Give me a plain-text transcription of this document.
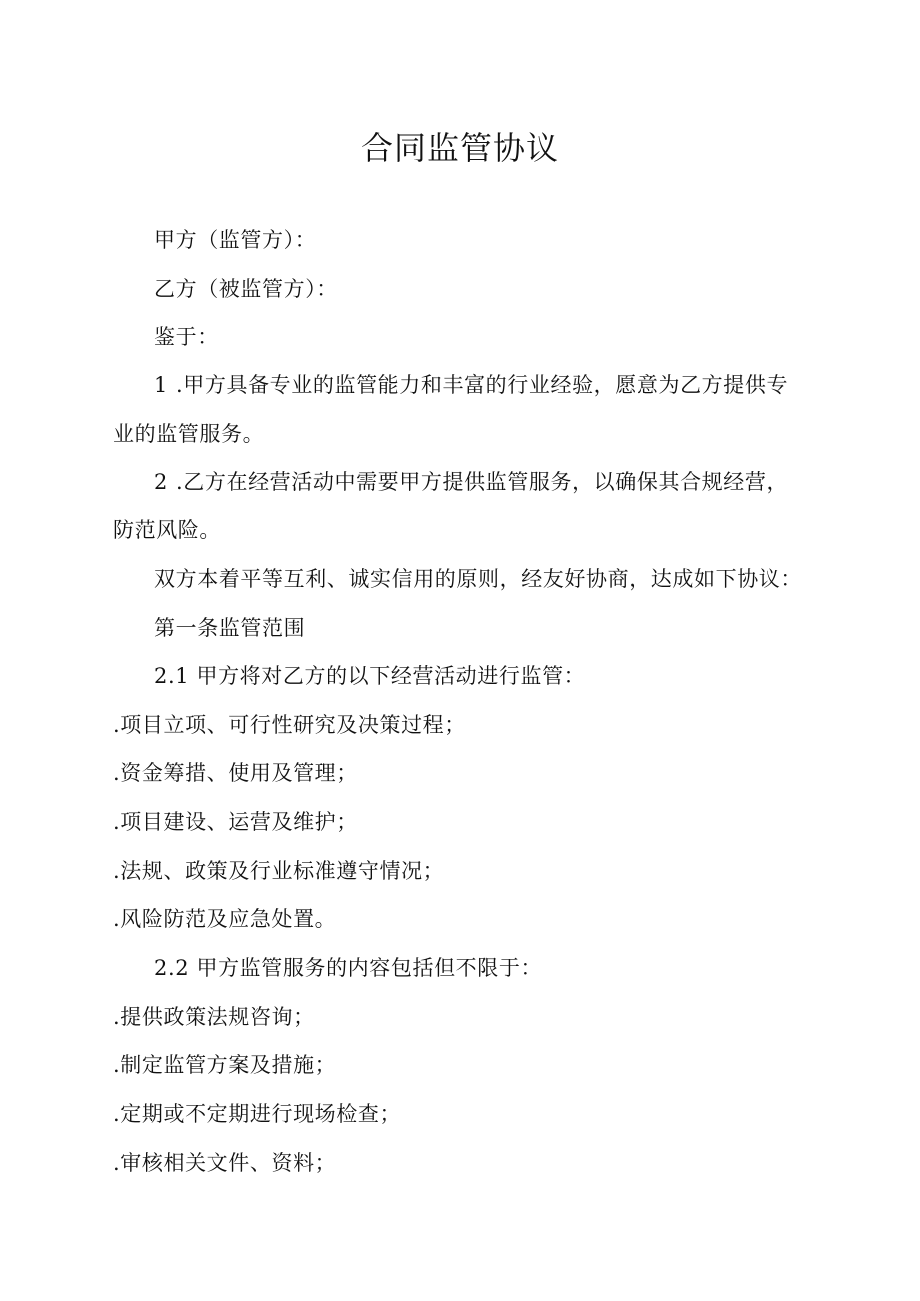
合同监管协议
甲方（监管方）：
乙方（被监管方）：
鉴于：
1 .甲方具备专业的监管能力和丰富的行业经验，愿意为乙方提供专
业的监管服务。
2 .乙方在经营活动中需要甲方提供监管服务，以确保其合规经营，
防范风险。
双方本着平等互利、诚实信用的原则，经友好协商，达成如下协议：
第一条监管范围
2.1 甲方将对乙方的以下经营活动进行监管：
.项目立项、可行性研究及决策过程；
.资金筹措、使用及管理；
.项目建设、运营及维护；
.法规、政策及行业标准遵守情况；
.风险防范及应急处置。
2.2 甲方监管服务的内容包括但不限于：
.提供政策法规咨询；
.制定监管方案及措施；
.定期或不定期进行现场检查；
.审核相关文件、资料；
